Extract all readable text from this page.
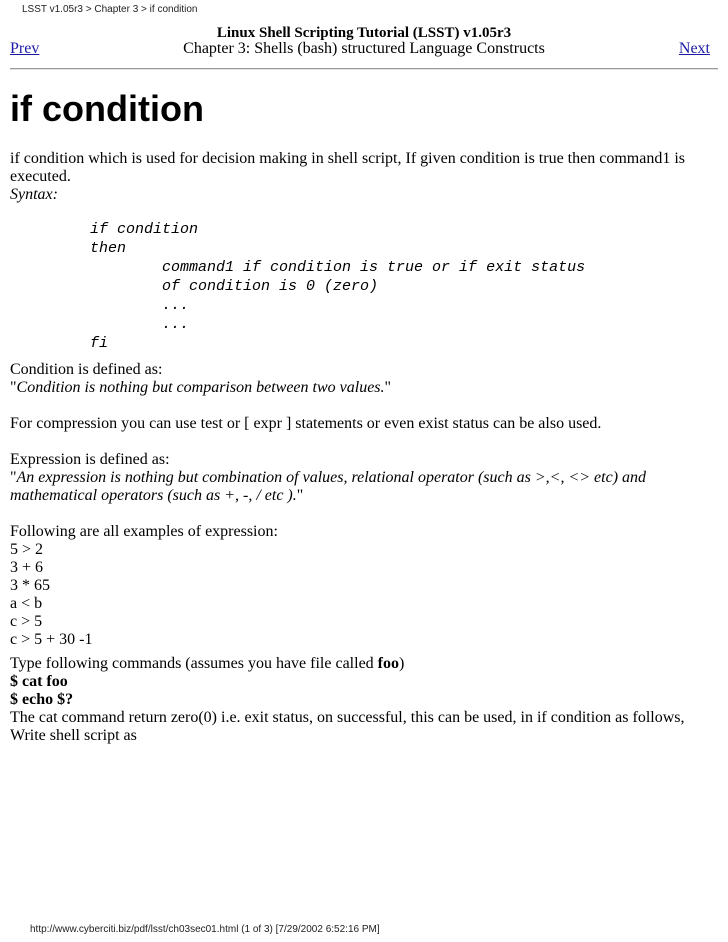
LSST v1.05r3 > Chapter 3 > if condition
Linux Shell Scripting Tutorial (LSST) v1.05r3
Chapter 3: Shells (bash) structured Language Constructs
Prev	Next
if condition

if condition which is used for decision making in shell script, If given condition is true then command1 is
executed.
Syntax:

if condition
then
command1 if condition is true or if exit status
of condition is 0 (zero)
...
...
fi

Condition is defined as:
"Condition is nothing but comparison between two values."

For compression you can use test or [ expr ] statements or even exist status can be also used.

Expression is defined as:
"An expression is nothing but combination of values, relational operator (such as >,<, <> etc) and
mathematical operators (such as +, -, / etc )."

Following are all examples of expression:
5 > 2
3 + 6
3 * 65
a < b
c > 5
c > 5 + 30 -1

Type following commands (assumes you have file called foo)
$ cat foo
$ echo $?
The cat command return zero(0) i.e. exit status, on successful, this can be used, in if condition as follows,
Write shell script as

http://www.cyberciti.biz/pdf/lsst/ch03sec01.html (1 of 3) [7/29/2002 6:52:16 PM]
